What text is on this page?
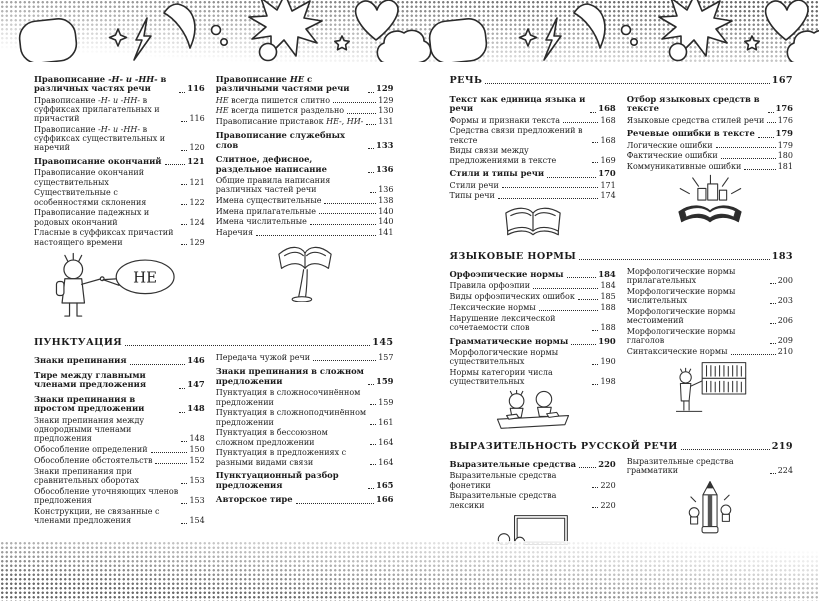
Правописание -Н- и -НН- в различных частях речи	116
Правописание -Н- и -НН- в суффиксах прилагательных и причастий	116
Правописание -Н- и -НН- в суффиксах существительных и наречий	120
Правописание окончаний	121
Правописание окончаний существительных	121
Существительные с особенностями склонения	122
Правописание падежных и родовых окончаний	124
Гласные в суффиксах причастий настоящего времени	129
НЕ
Правописание НЕ с различными частями речи	129
НЕ всегда пишется слитно	129
НЕ всегда пишется раздельно	130
Правописание приставок НЕ-, НИ- 131
Правописание служебных слов	133
Слитное, дефисное, раздельное написание	136
Общие правила написания различных частей речи	136
Имена существительные	138
Имена прилагательные	140
Имена числительные	140
Наречия	141
ПУНКТУАЦИЯ	145
Знаки препинания	146
Тире между главными членами предложения	147
Знаки препинания в простом предложении	148
Знаки препинания между однородными членами предложения	148
Обособление определений	150
Обособление обстоятельств	152
Знаки препинания при сравнительных оборотах	153
Обособление уточняющих членов предложения	153
Конструкции, не связанные с членами предложения	154
Передача чужой речи	157
Знаки препинания в сложном предложении	159
Пунктуация в сложносочинённом предложении	159
Пунктуация в сложноподчинённом предложении	161
Пунктуация в бессоюзном сложном предложении	164
Пунктуация в предложениях с разными видами связи	164
Пунктуационный разбор предложения	165
Авторское тире	166
РЕЧЬ	167
Текст как единица языка и речи	168
Формы и признаки текста	168
Средства связи предложений в тексте	168
Виды связи между предложениями в тексте	169
Стили и типы речи	170
Стили речи	171
Типы речи	174
Отбор языковых средств в тексте	176
Языковые средства стилей речи 176
Речевые ошибки в тексте 179
Логические ошибки	179
Фактические ошибки	180
Коммуникативные ошибки	181
ЯЗЫКОВЫЕ НОРМЫ	183
Орфоэпические нормы	184
Правила орфоэпии	184
Виды орфоэпических ошибок	185
Лексические нормы	188
Нарушение лексической сочетаемости слов	188
Грамматические нормы	190
Морфологические нормы существительных	190
Нормы категории числа существительных	198
Морфологические нормы прилагательных	200
Морфологические нормы числительных	203
Морфологические нормы местоимений	206
Морфологические нормы глаголов	209
Синтаксические нормы	210
ВЫРАЗИТЕЛЬНОСТЬ РУССКОЙ РЕЧИ	219
Выразительные средства	220
Выразительные средства фонетики	220
Выразительные средства лексики	220
Выразительные средства грамматики	224
